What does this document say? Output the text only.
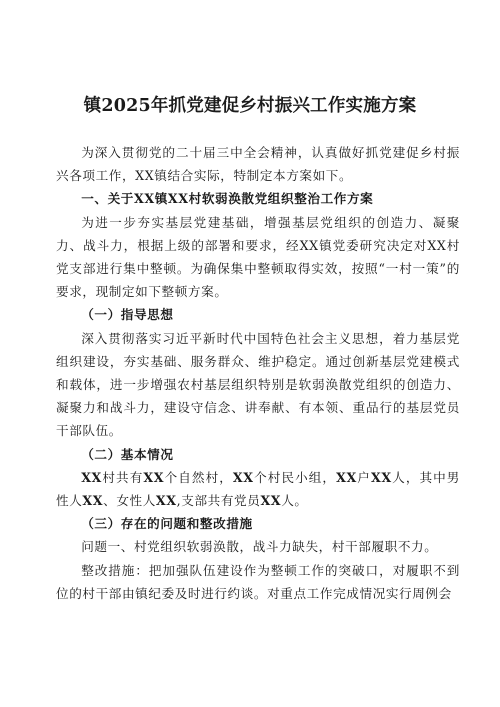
镇2025年抓党建促乡村振兴工作实施方案

为深入贯彻党的二十届三中全会精神，认真做好抓党建促乡村振兴各项工作，XX镇结合实际，特制定本方案如下。

一、关于XX镇XX村软弱涣散党组织整治工作方案

为进一步夯实基层党建基础，增强基层党组织的创造力、凝聚力、战斗力，根据上级的部署和要求，经XX镇党委研究决定对XX村党支部进行集中整顿。为确保集中整顿取得实效，按照“一村一策”的要求，现制定如下整顿方案。

（一）指导思想

深入贯彻落实习近平新时代中国特色社会主义思想，着力基层党组织建设，夯实基础、服务群众、维护稳定。通过创新基层党建模式和载体，进一步增强农村基层组织特别是软弱涣散党组织的创造力、凝聚力和战斗力，建设守信念、讲奉献、有本领、重品行的基层党员干部队伍。

（二）基本情况

XX村共有XX个自然村，XX个村民小组，XX户XX人，其中男性人XX、女性人XX,支部共有党员XX人。

（三）存在的问题和整改措施

问题一、村党组织软弱涣散，战斗力缺失，村干部履职不力。

整改措施：把加强队伍建设作为整顿工作的突破口，对履职不到位的村干部由镇纪委及时进行约谈。对重点工作完成情况实行周例会
